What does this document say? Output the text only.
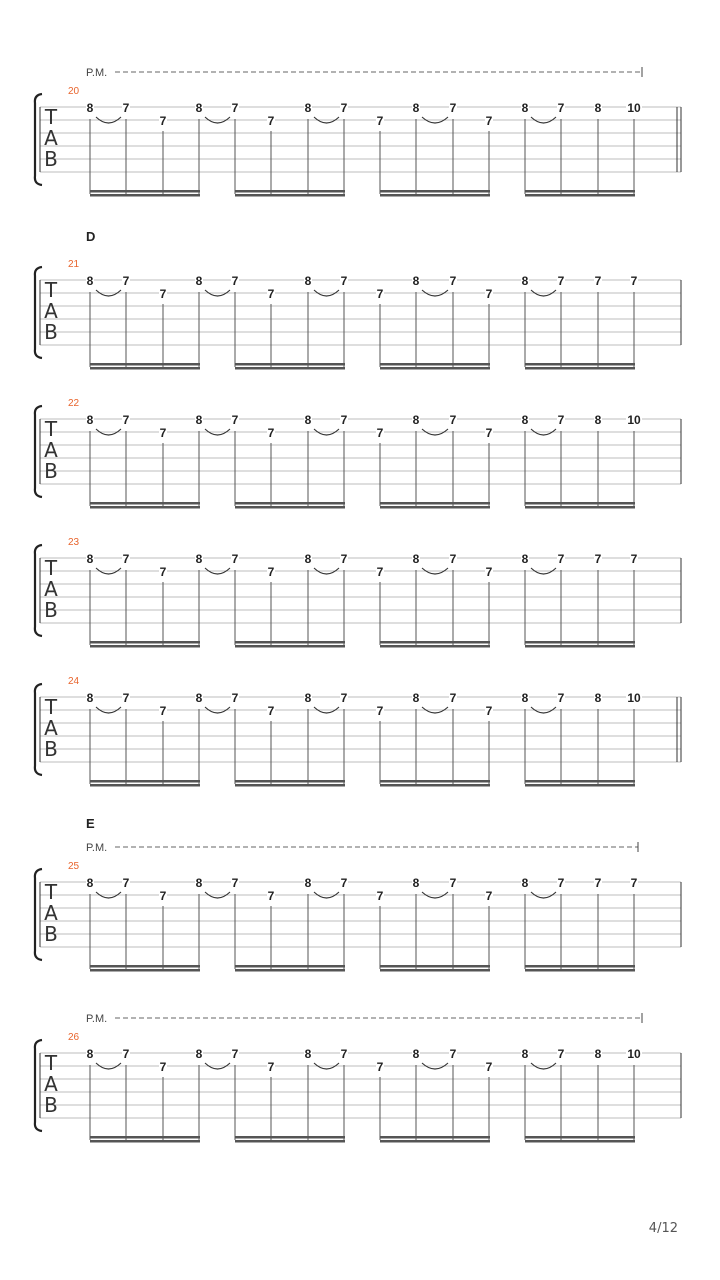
P.M.
20
T
A
B
8 7
7
8 7
7
8 7
7
8	7
7
8 7	8 10
D
21
T
A
B
8 7
7
8 7
7
8 7
7
8	7
7
8 7	7 7
22
T
A
B
8 7
7
8 7
7
8 7
7
8	7
7
8 7	8 10
23
T
A
B
8 7
7
8 7
7
8 7
7
8	7
7
8 7	7 7
24
T
A
B
8 7
7
8 7
7
8 7
7
8	7
7
8 7	8 10
E
P.M.
25
T
A
B
8 7
7
8 7
7
8 7
7
8	7
7
8 7	7 7
P.M.
26
T
A
B
8 7
7
8 7
7
8 7
7
8	7
7
8 7	8 10
4/12
